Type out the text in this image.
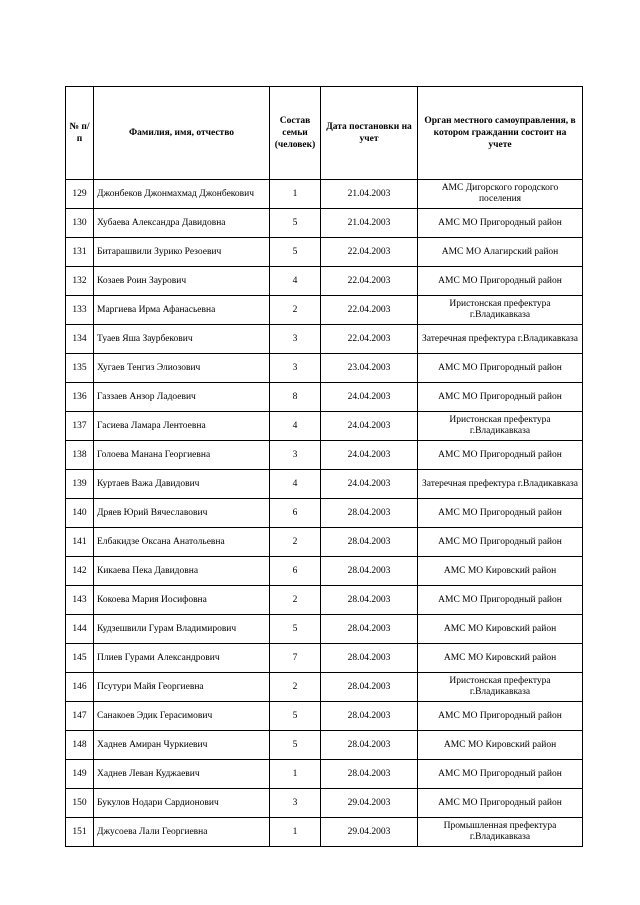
№ п/п	Фамилия, имя, отчество	Состав семьи (человек)	Дата постановки на учет	Орган местного самоуправления, в котором граждании состоит на учете
129	Джонбеков Джонмахмад Джонбекович	1	21.04.2003	АМС Дигорского городского поселения
130	Хубаева Александра Давидовна	5	21.04.2003	АМС МО Пригородный район
131	Битарашвили Зурико Резоевич	5	22.04.2003	АМС МО Алагирский район
132	Козаев Роин Заурович	4	22.04.2003	АМС МО Пригородный район
133	Маргиева Ирма Афанасьевна	2	22.04.2003	Иристонская префектура г.Владикавказа
134	Туаев Яша Заурбекович	3	22.04.2003	Затеречная префектура г.Владикавказа
135	Хугаев Тенгиз Элиозович	3	23.04.2003	АМС МО Пригородный район
136	Газзаев Анзор Ладоевич	8	24.04.2003	АМС МО Пригородный район
137	Гасиева Ламара Лентоевна	4	24.04.2003	Иристонская префектура г.Владикавказа
138	Голоева Манана Георгиевна	3	24.04.2003	АМС МО Пригородный район
139	Куртаев Важа Давидович	4	24.04.2003	Затеречная префектура г.Владикавказа
140	Дряев Юрий Вячеславович	6	28.04.2003	АМС МО Пригородный район
141	Елбакидзе Оксана Анатольевна	2	28.04.2003	АМС МО Пригородный район
142	Кикаева Пека Давидовна	6	28.04.2003	АМС МО Кировский район
143	Кокоева Мария Иосифовна	2	28.04.2003	АМС МО Пригородный район
144	Кудзешвили Гурам Владимирович	5	28.04.2003	АМС МО Кировский район
145	Плиев Гурами Александрович	7	28.04.2003	АМС МО Кировский район
146	Псутури Майя Георгиевна	2	28.04.2003	Иристонская префектура г.Владикавказа
147	Санакоев Эдик Герасимович	5	28.04.2003	АМС МО Пригородный район
148	Хаднев Амиран Чуркиевич	5	28.04.2003	АМС МО Кировский район
149	Хаднев Леван Куджаевич	1	28.04.2003	АМС МО Пригородный район
150	Букулов Нодари Сардионович	3	29.04.2003	АМС МО Пригородный район
151	Джусоева Лали Георгиевна	1	29.04.2003	Промышленная префектура г.Владикавказа
